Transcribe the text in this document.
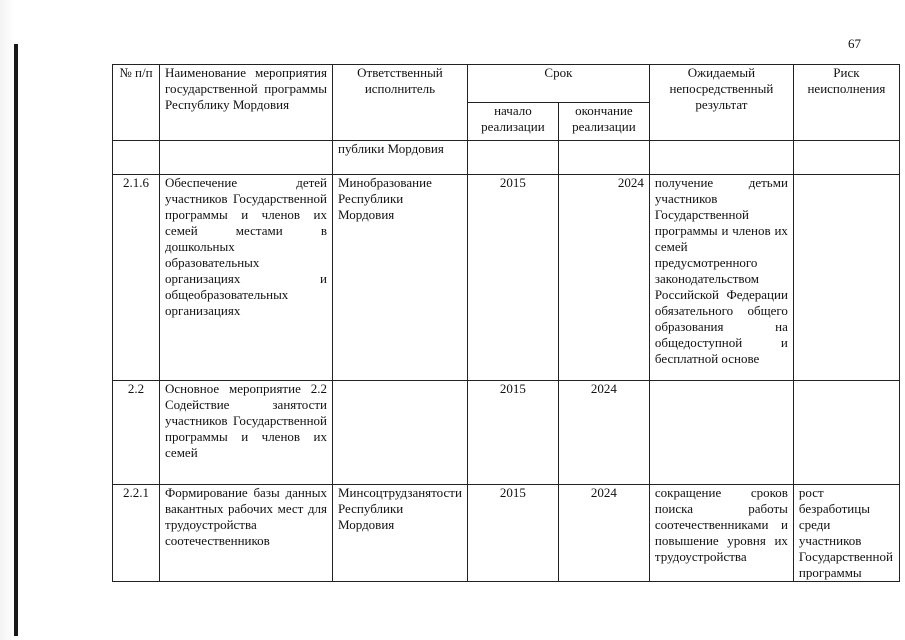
67
№ п/п	Наименование мероприятия государственной программы Республику Мордовия	Ответственный исполнитель	Срок		Ожидаемый непосредственный результат	Риск неисполнения
			начало реализации	окончание реализации		
		публики Мордовия				
2.1.6	Обеспечение детей участников Государственной программы и членов их семей местами в дошкольных образовательных организациях и общеобразовательных организациях	Минобразование Республики Мордовия	2015	2024	получение детьми участников Государственной программы и членов их семей предусмотренного законодательством Российской Федерации обязательного общего образования на общедоступной и бесплатной основе	
2.2	Основное мероприятие 2.2 Содействие занятости участников Государственной программы и членов их семей		2015	2024		
2.2.1	Формирование базы данных вакантных рабочих мест для трудоустройства соотечественников	Минсоцтрудзанятости Республики Мордовия	2015	2024	сокращение сроков поиска работы соотечественниками и повышение уровня их трудоустройства	рост безработицы среди участников Государственной программы
